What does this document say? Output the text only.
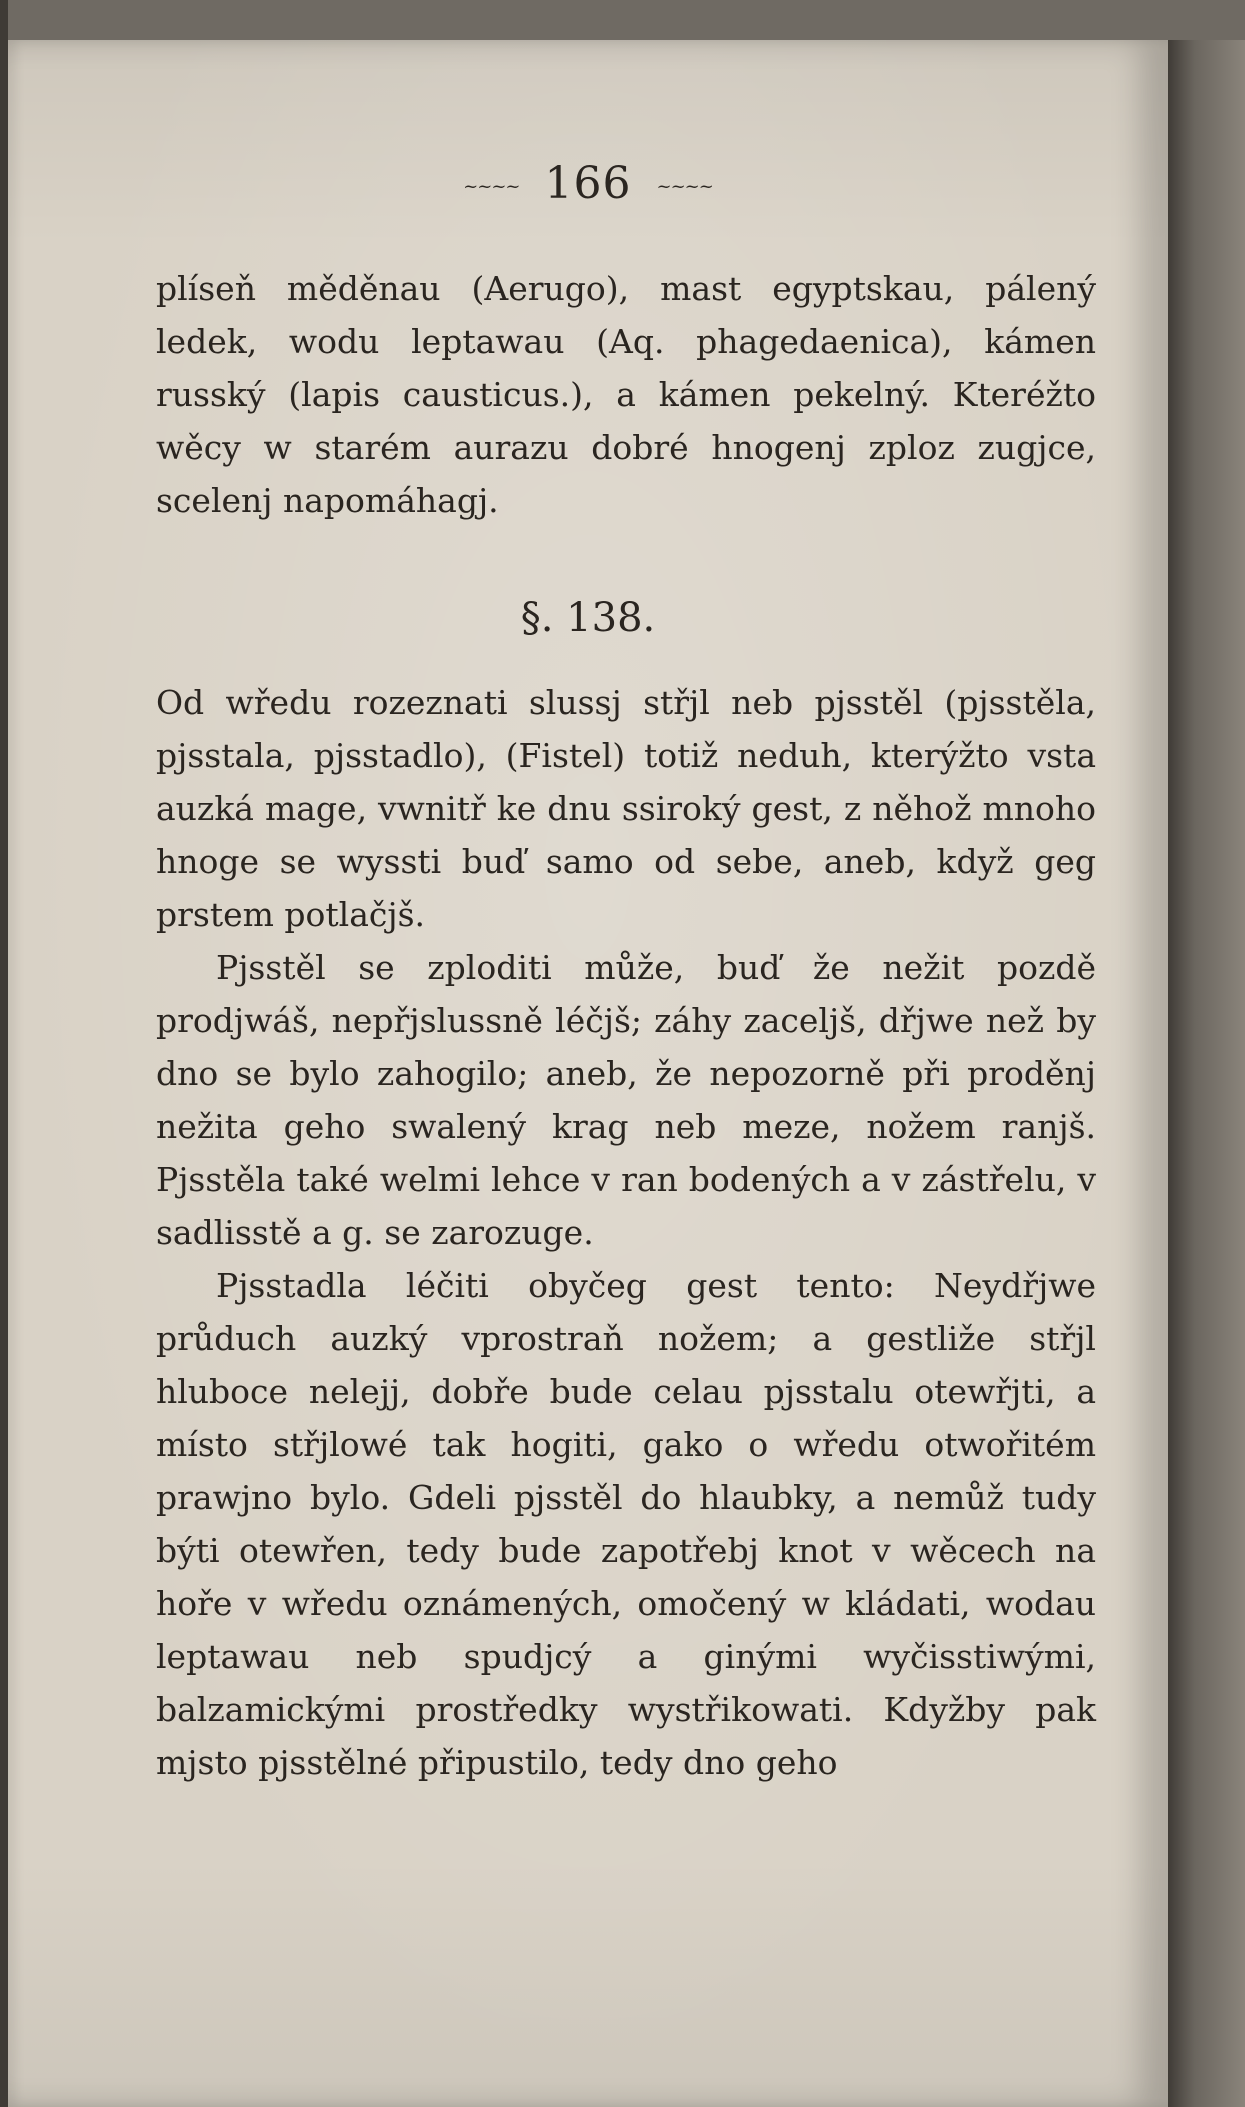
~~~~ 166 ~~~~
plíseň měděnau (Aerugo), mast egyptskau, pálený ledek, wodu leptawau (Aq. phagedaenica), kámen russký (lapis causticus.), a kámen pekelný. Kteréžto wěcy w starém aurazu dobré hnogenj zploz zugjce, scelenj napomáhagj.
§. 138.

Od wředu rozeznati slussj střjl neb pjsstěl (pjsstěla, pjsstala, pjsstadlo), (Fistel) totiž neduh, kterýžto vsta auzká mage, vwnitř ke dnu ssiroký gest, z něhož mnoho hnoge se wyssti buď samo od sebe, aneb, když geg prstem potlačjš.

Pjsstěl se zploditi může, buď že nežit pozdě prodjwáš, nepřjslussně léčjš; záhy zaceljš, dřjwe než by dno se bylo zahogilo; aneb, že nepozorně při proděnj nežita geho swalený krag neb meze, nožem ranjš. Pjsstěla také welmi lehce v ran bodených a v zástřelu, v sadlisstě a g. se zarozuge.

Pjsstadla léčiti obyčeg gest tento: Neydřjwe průduch auzký vprostraň nožem; a gestliže střjl hluboce nelejj, dobře bude celau pjsstalu otewřjti, a místo střjlowé tak hogiti, gako o wředu otwořitém prawjno bylo. Gdeli pjsstěl do hlaubky, a nemůž tudy býti otewřen, tedy bude zapotřebj knot v wěcech na hoře v wředu oznámených, omočený w kládati, wodau leptawau neb spudjcý a ginými wyčisstiwými, balzamickými prostředky wystřikowati. Kdyžby pak mjsto pjsstělné připustilo, tedy dno geho
